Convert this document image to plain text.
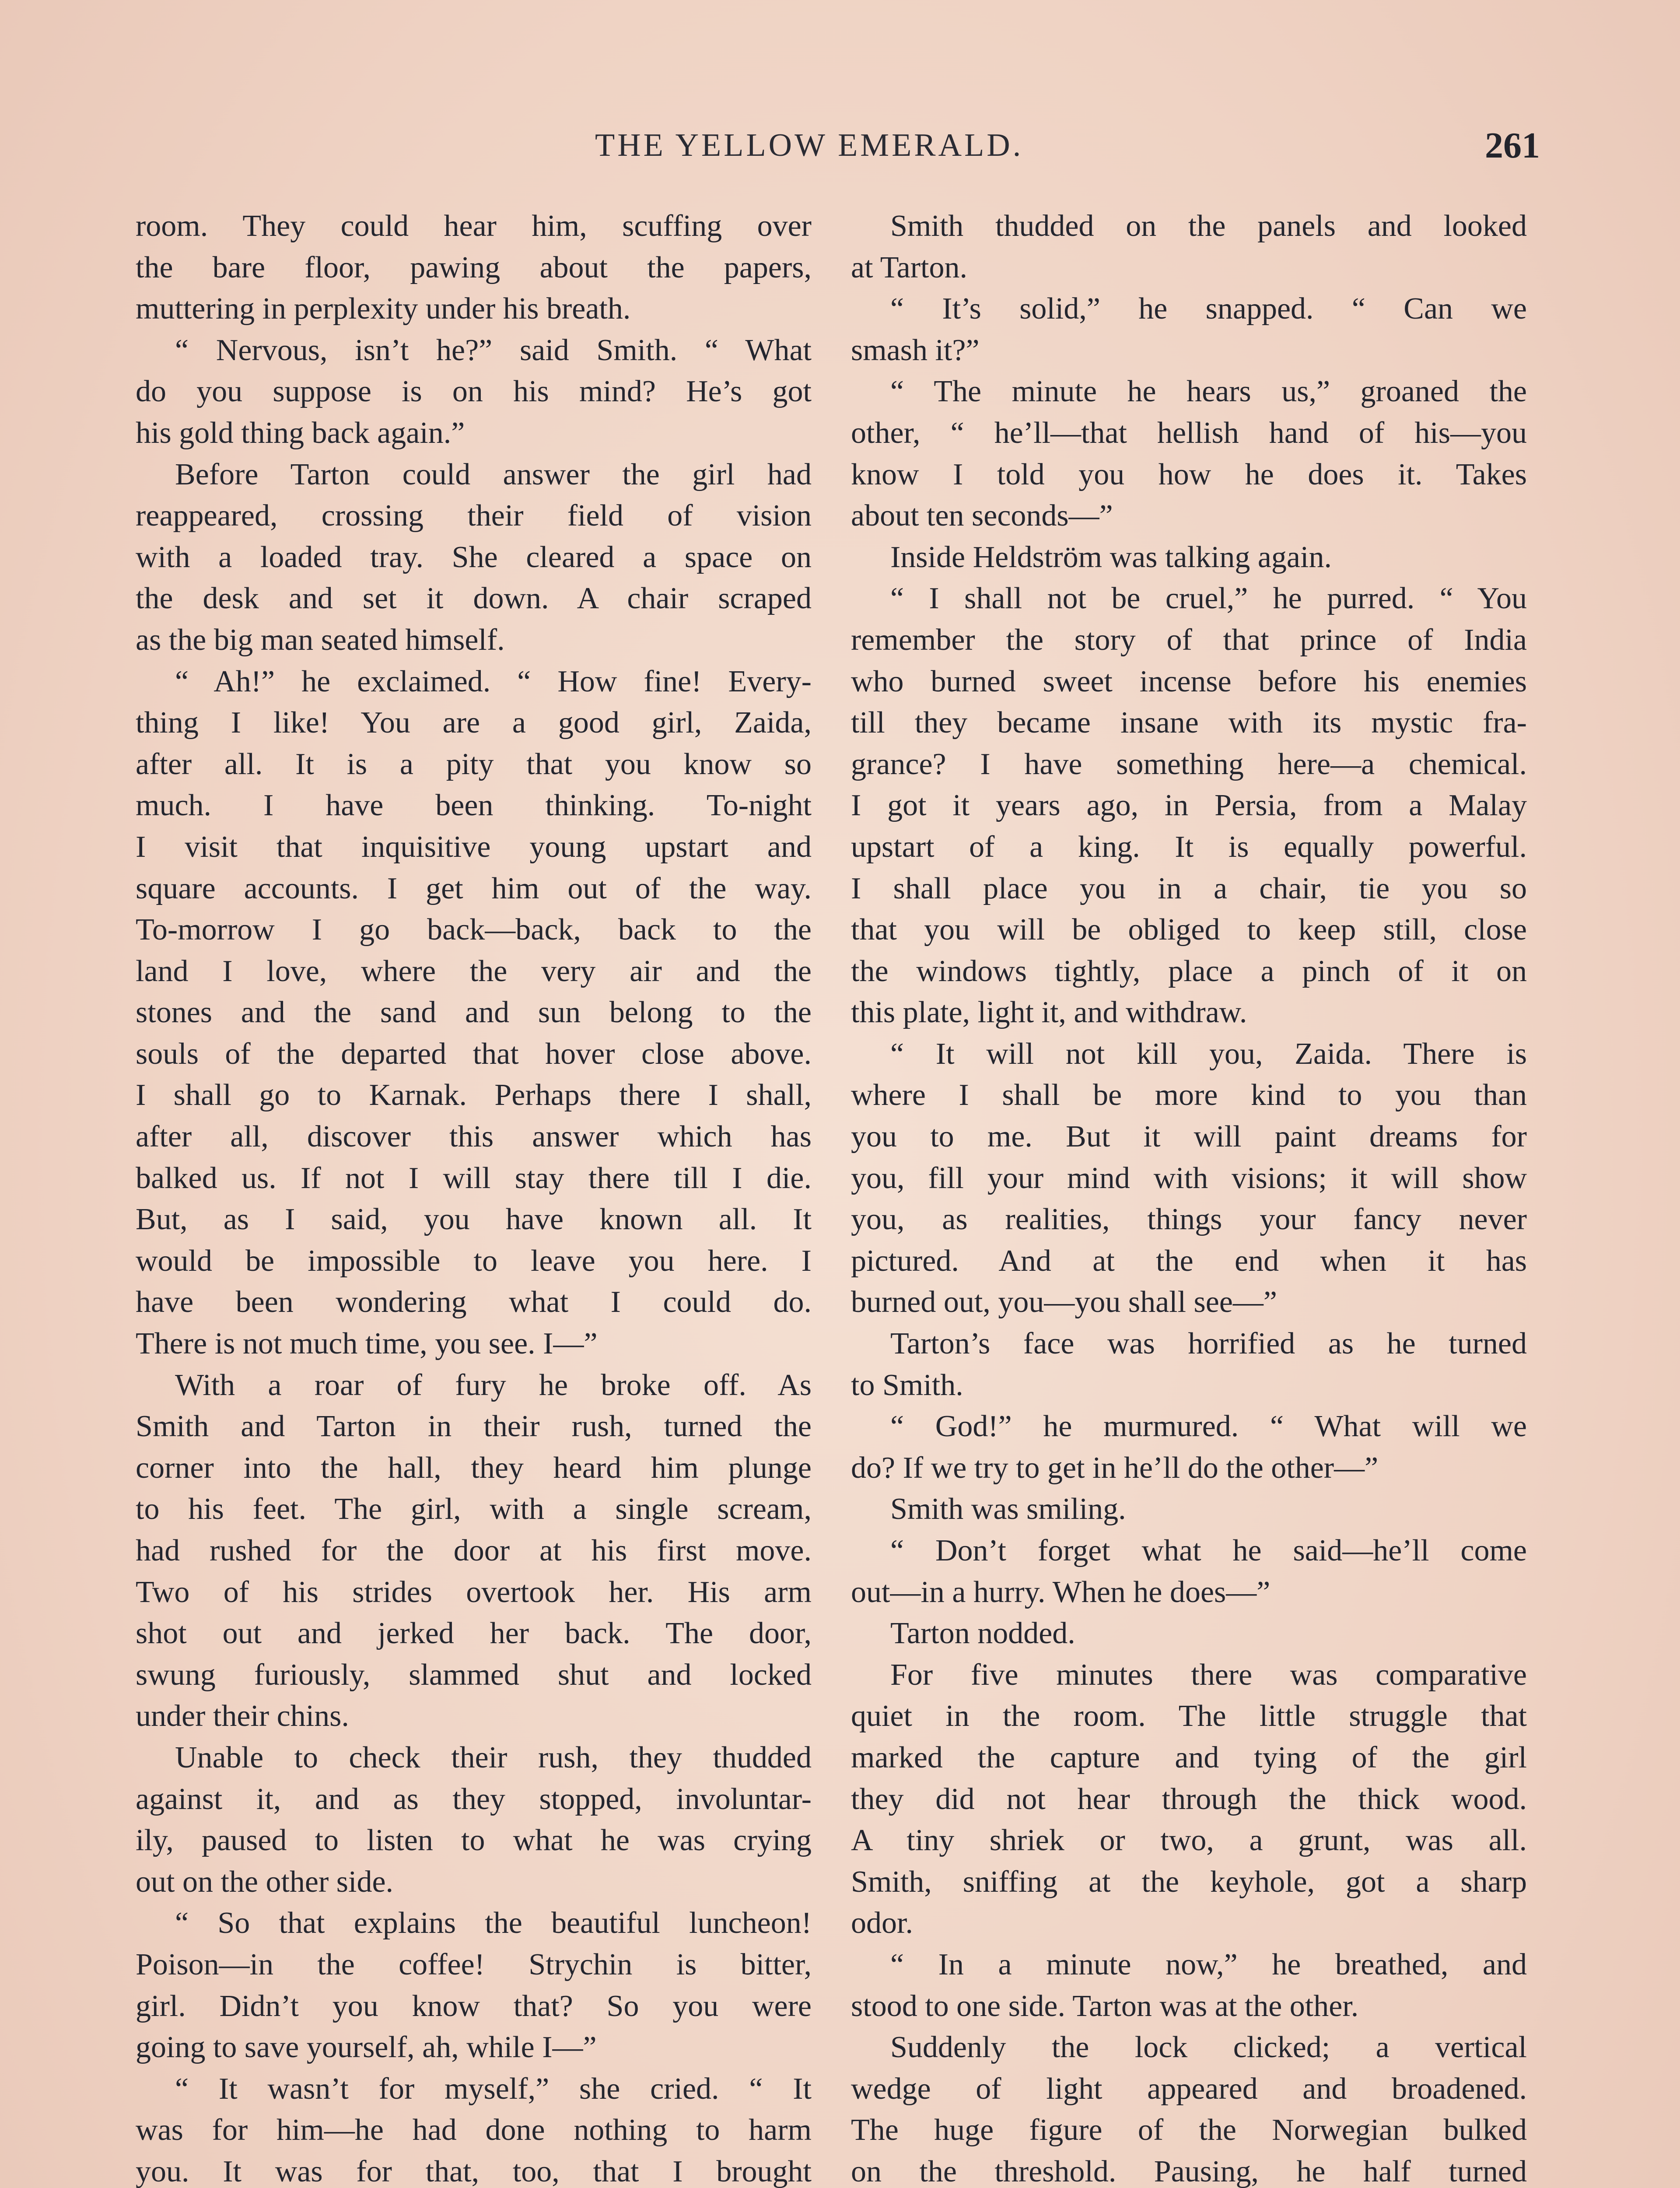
THE YELLOW EMERALD.	261
room. They could hear him, scuffing over
the bare floor, pawing about the papers,
muttering in perplexity under his breath.
“ Nervous, isn’t he?” said Smith. “ What
do you suppose is on his mind? He’s got
his gold thing back again.”
Before Tarton could answer the girl had
reappeared, crossing their field of vision
with a loaded tray. She cleared a space on
the desk and set it down. A chair scraped
as the big man seated himself.
“ Ah!” he exclaimed. “ How fine! Every-
thing I like! You are a good girl, Zaida,
after all. It is a pity that you know so
much. I have been thinking. To-night
I visit that inquisitive young upstart and
square accounts. I get him out of the way.
To-morrow I go back—back, back to the
land I love, where the very air and the
stones and the sand and sun belong to the
souls of the departed that hover close above.
I shall go to Karnak. Perhaps there I shall,
after all, discover this answer which has
balked us. If not I will stay there till I die.
But, as I said, you have known all. It
would be impossible to leave you here. I
have been wondering what I could do.
There is not much time, you see. I—”
With a roar of fury he broke off. As
Smith and Tarton in their rush, turned the
corner into the hall, they heard him plunge
to his feet. The girl, with a single scream,
had rushed for the door at his first move.
Two of his strides overtook her. His arm
shot out and jerked her back. The door,
swung furiously, slammed shut and locked
under their chins.
Unable to check their rush, they thudded
against it, and as they stopped, involuntar-
ily, paused to listen to what he was crying
out on the other side.
“ So that explains the beautiful luncheon!
Poison—in the coffee! Strychin is bitter,
girl. Didn’t you know that? So you were
going to save yourself, ah, while I—”
“ It wasn’t for myself,” she cried. “ It
was for him—he had done nothing to harm
you. It was for that, too, that I brought
Smith thudded on the panels and looked
at Tarton.
“ It’s solid,” he snapped. “ Can we
smash it?”
“ The minute he hears us,” groaned the
other, “ he’ll—that hellish hand of his—you
know I told you how he does it. Takes
about ten seconds—”
Inside Heldström was talking again.
“ I shall not be cruel,” he purred. “ You
remember the story of that prince of India
who burned sweet incense before his enemies
till they became insane with its mystic fra-
grance? I have something here—a chemical.
I got it years ago, in Persia, from a Malay
upstart of a king. It is equally powerful.
I shall place you in a chair, tie you so
that you will be obliged to keep still, close
the windows tightly, place a pinch of it on
this plate, light it, and withdraw.
“ It will not kill you, Zaida. There is
where I shall be more kind to you than
you to me. But it will paint dreams for
you, fill your mind with visions; it will show
you, as realities, things your fancy never
pictured. And at the end when it has
burned out, you—you shall see—”
Tarton’s face was horrified as he turned
to Smith.
“ God!” he murmured. “ What will we
do? If we try to get in he’ll do the other—”
Smith was smiling.
“ Don’t forget what he said—he’ll come
out—in a hurry. When he does—”
Tarton nodded.
For five minutes there was comparative
quiet in the room. The little struggle that
marked the capture and tying of the girl
they did not hear through the thick wood.
A tiny shriek or two, a grunt, was all.
Smith, sniffing at the keyhole, got a sharp
odor.
“ In a minute now,” he breathed, and
stood to one side. Tarton was at the other.
Suddenly the lock clicked; a vertical
wedge of light appeared and broadened.
The huge figure of the Norwegian bulked
on the threshold. Pausing, he half turned
